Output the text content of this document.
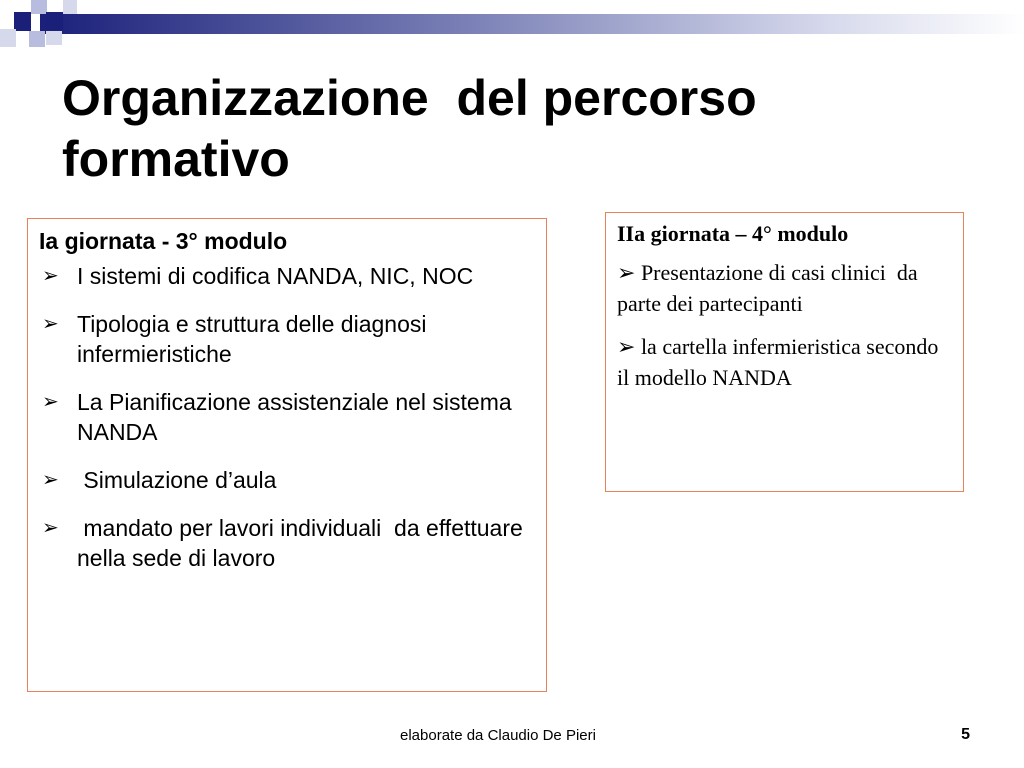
Organizzazione  del percorso formativo
Ia giornata - 3° modulo
➢ I sistemi di codifica NANDA, NIC, NOC
➢ Tipologia e struttura delle diagnosi infermieristiche
➢ La Pianificazione assistenziale nel sistema NANDA
➢ Simulazione d’aula
➢ mandato per lavori individuali  da effettuare nella sede di lavoro
IIa giornata – 4° modulo

➢ Presentazione di casi clinici  da parte dei partecipanti

➢ la cartella infermieristica secondo il modello NANDA

elaborate da Claudio De Pieri	5
